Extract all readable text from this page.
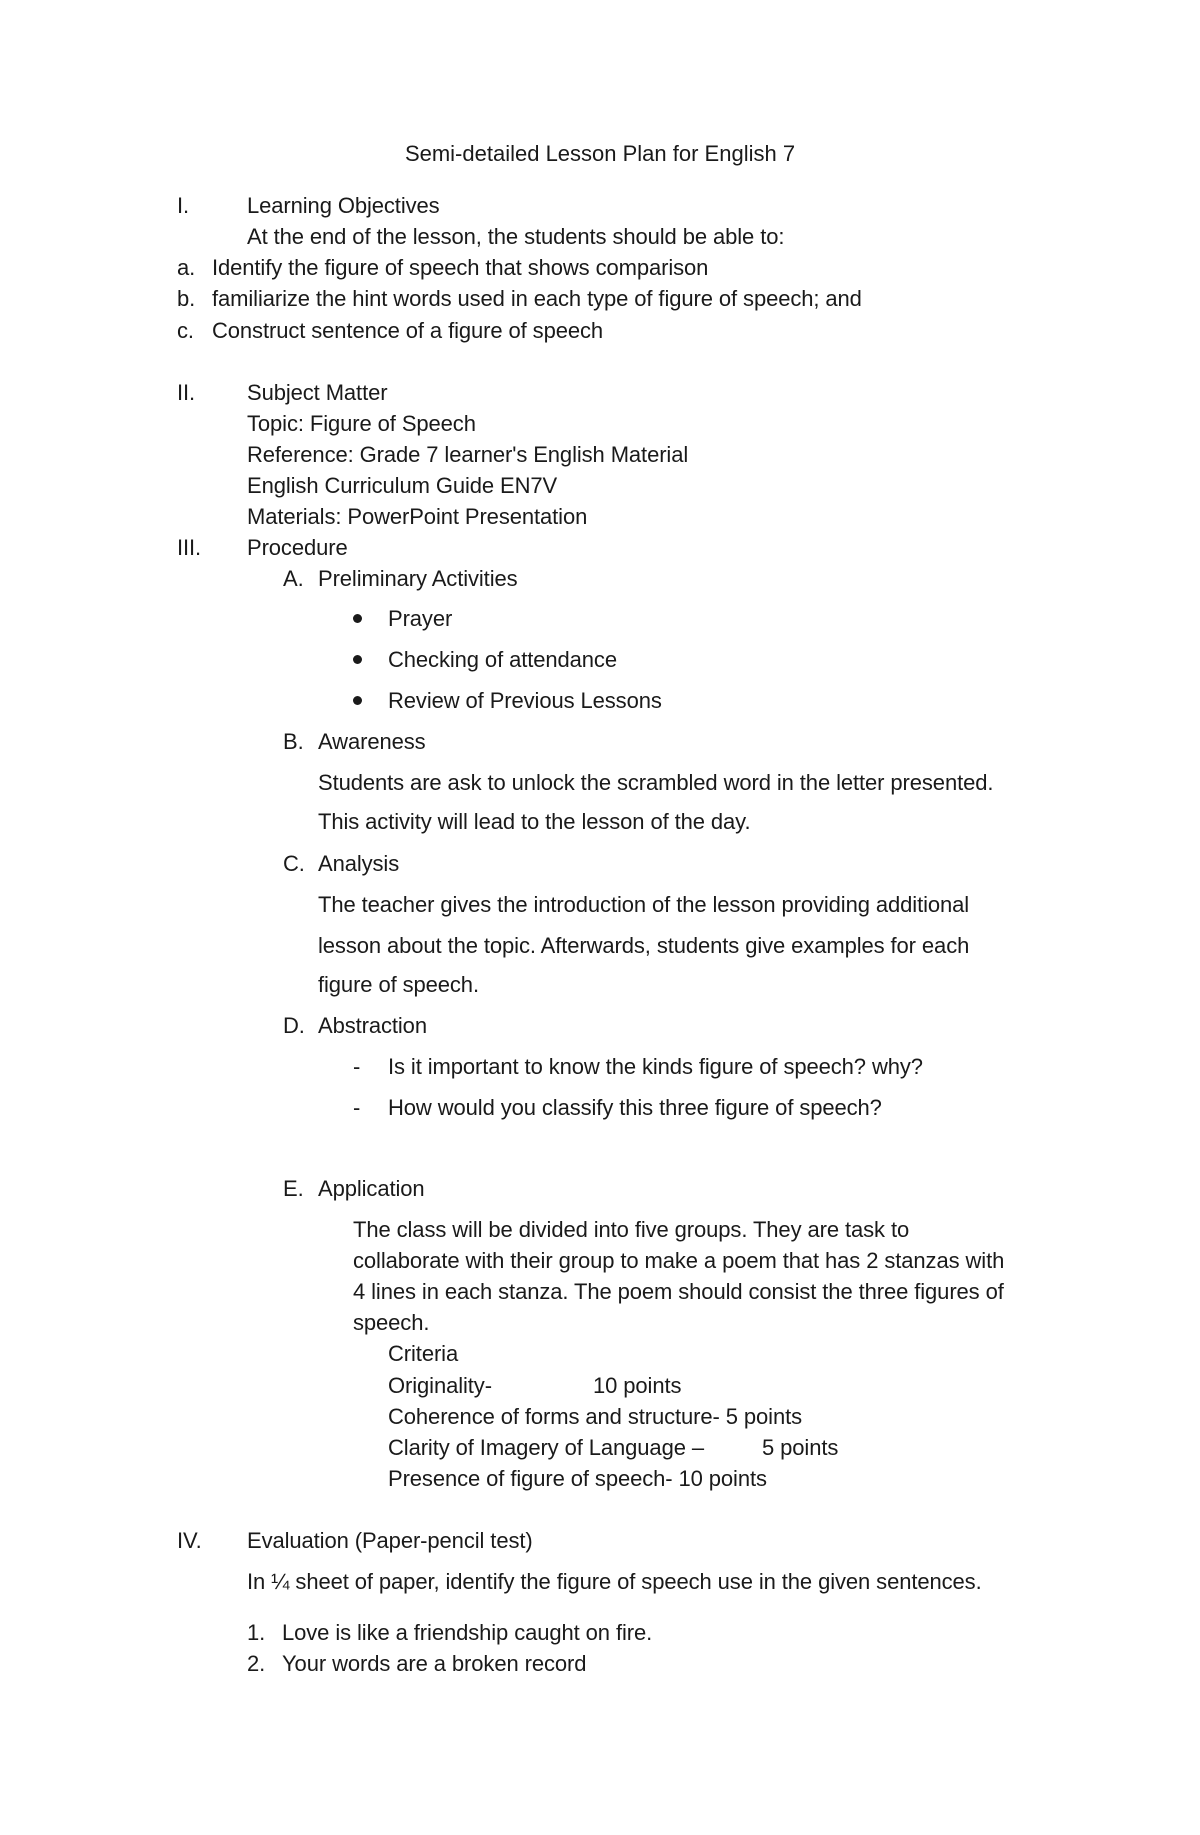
Semi-detailed Lesson Plan for English 7
I.	Learning Objectives
At the end of the lesson, the students should be able to:
a. Identify the figure of speech that shows comparison
b. familiarize the hint words used in each type of figure of speech; and
c. Construct sentence of a figure of speech
II. Subject Matter
Topic: Figure of Speech
Reference: Grade 7 learner's English Material
English Curriculum Guide EN7V
Materials: PowerPoint Presentation
III. Procedure
A. Preliminary Activities
Prayer
Checking of attendance
Review of Previous Lessons
B. Awareness
Students are ask to unlock the scrambled word in the letter presented.
This activity will lead to the lesson of the day.
C. Analysis
The teacher gives the introduction of the lesson providing additional
lesson about the topic. Afterwards, students give examples for each
figure of speech.
D. Abstraction
- Is it important to know the kinds figure of speech? why?
- How would you classify this three figure of speech?
E. Application
The class will be divided into five groups. They are task to
collaborate with their group to make a poem that has 2 stanzas with
4 lines in each stanza. The poem should consist the three figures of
speech.
Criteria
Originality-	10 points
Coherence of forms and structure- 5 points
Clarity of Imagery of Language –	5 points
Presence of figure of speech- 10 points
IV. Evaluation (Paper-pencil test)
In ¼ sheet of paper, identify the figure of speech use in the given sentences.
1. Love is like a friendship caught on fire.
2. Your words are a broken record
